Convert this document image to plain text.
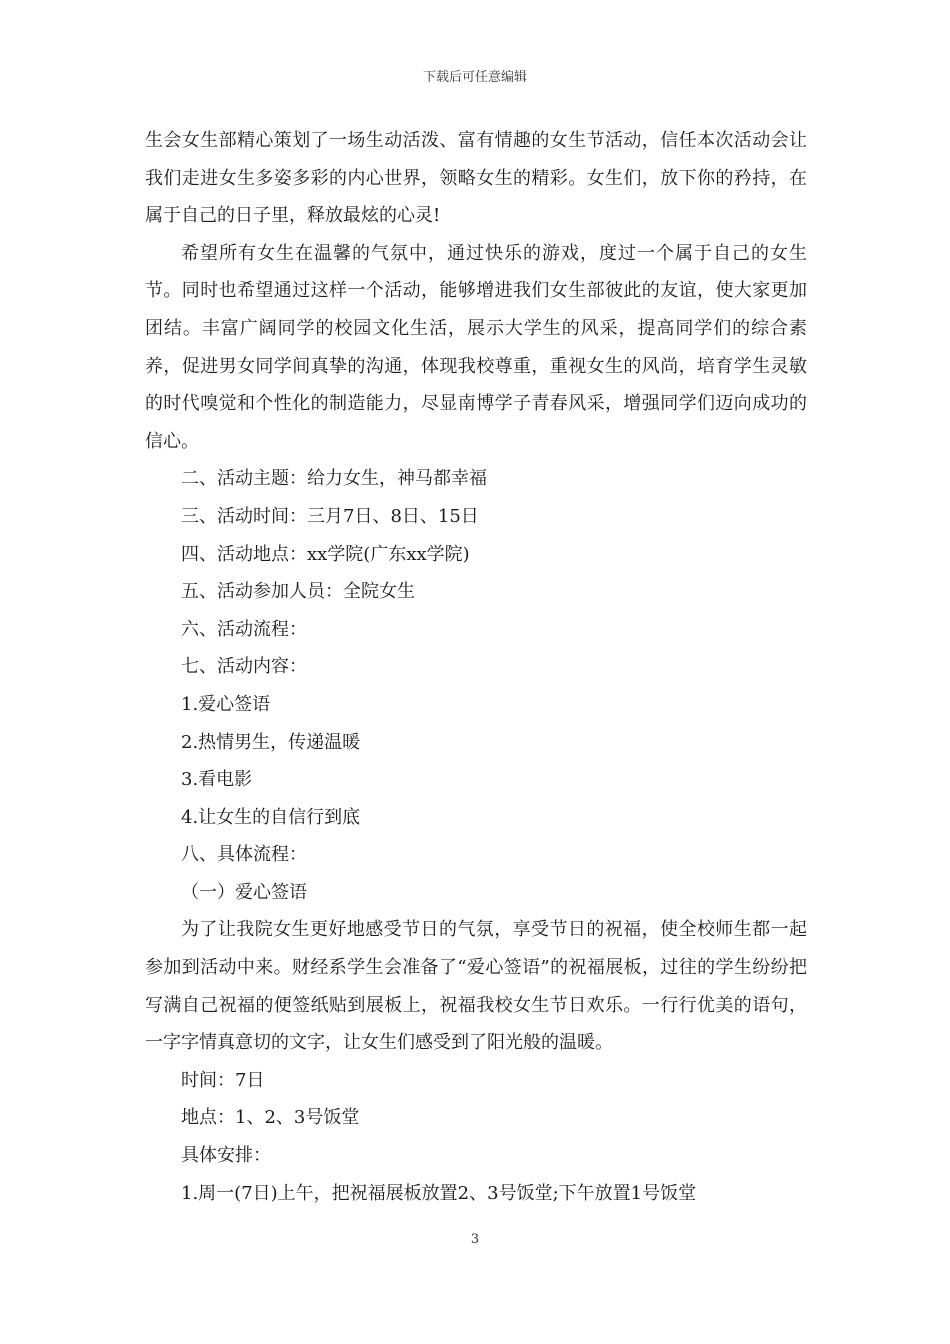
下载后可任意编辑

生会女生部精心策划了一场生动活泼、富有情趣的女生节活动，信任本次活动会让我们走进女生多姿多彩的内心世界，领略女生的精彩。女生们，放下你的矜持，在属于自己的日子里，释放最炫的心灵!

希望所有女生在温馨的气氛中，通过快乐的游戏，度过一个属于自己的女生节。同时也希望通过这样一个活动，能够增进我们女生部彼此的友谊，使大家更加团结。丰富广阔同学的校园文化生活，展示大学生的风采，提高同学们的综合素养，促进男女同学间真挚的沟通，体现我校尊重，重视女生的风尚，培育学生灵敏的时代嗅觉和个性化的制造能力，尽显南博学子青春风采，增强同学们迈向成功的信心。

二、活动主题：给力女生，神马都幸福

三、活动时间：三月7日、8日、15日

四、活动地点：xx学院(广东xx学院)

五、活动参加人员：全院女生

六、活动流程：

七、活动内容：

1.爱心签语

2.热情男生，传递温暖

3.看电影

4.让女生的自信行到底

八、具体流程：

（一）爱心签语

为了让我院女生更好地感受节日的气氛，享受节日的祝福，使全校师生都一起参加到活动中来。财经系学生会准备了“爱心签语”的祝福展板，过往的学生纷纷把写满自己祝福的便签纸贴到展板上，祝福我校女生节日欢乐。一行行优美的语句，一字字情真意切的文字，让女生们感受到了阳光般的温暖。

时间：7日

地点：1、2、3号饭堂

具体安排：

1.周一(7日)上午，把祝福展板放置2、3号饭堂;下午放置1号饭堂

3
